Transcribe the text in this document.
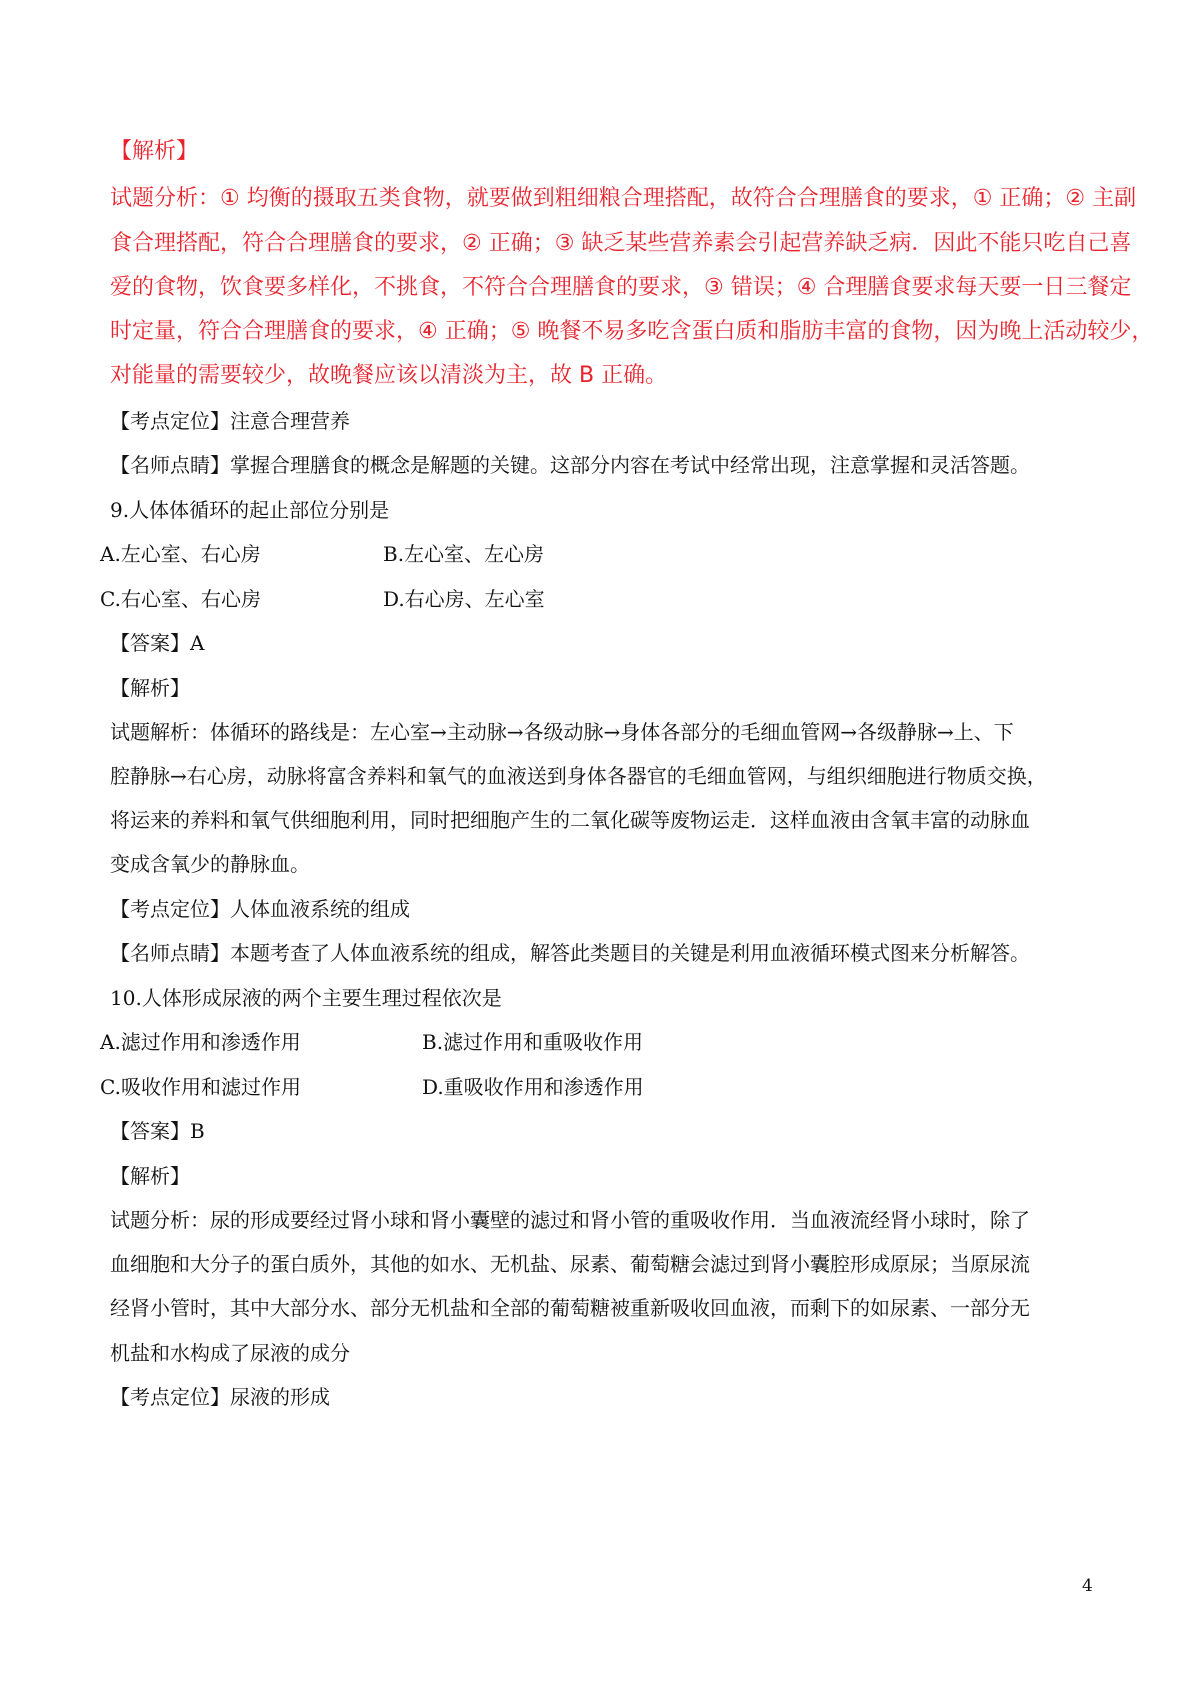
【解析】
试题分析：① 均衡的摄取五类食物，就要做到粗细粮合理搭配，故符合合理膳食的要求，① 正确；② 主副
食合理搭配，符合合理膳食的要求，② 正确；③ 缺乏某些营养素会引起营养缺乏病．因此不能只吃自己喜
爱的食物，饮食要多样化，不挑食，不符合合理膳食的要求，③ 错误；④ 合理膳食要求每天要一日三餐定
时定量，符合合理膳食的要求，④ 正确；⑤ 晚餐不易多吃含蛋白质和脂肪丰富的食物，因为晚上活动较少，
对能量的需要较少，故晚餐应该以清淡为主，故 B 正确。
【考点定位】注意合理营养
【名师点睛】掌握合理膳食的概念是解题的关键。这部分内容在考试中经常出现，注意掌握和灵活答题。
9.人体体循环的起止部位分别是
A.左心室、右心房	B.左心室、左心房
C.右心室、右心房	D.右心房、左心室
【答案】A
【解析】
试题解析：体循环的路线是：左心室→主动脉→各级动脉→身体各部分的毛细血管网→各级静脉→上、下
腔静脉→右心房，动脉将富含养料和氧气的血液送到身体各器官的毛细血管网，与组织细胞进行物质交换，
将运来的养料和氧气供细胞利用，同时把细胞产生的二氧化碳等废物运走．这样血液由含氧丰富的动脉血
变成含氧少的静脉血。
【考点定位】人体血液系统的组成
【名师点睛】本题考查了人体血液系统的组成，解答此类题目的关键是利用血液循环模式图来分析解答。
10.人体形成尿液的两个主要生理过程依次是
A.滤过作用和渗透作用	B.滤过作用和重吸收作用
C.吸收作用和滤过作用	D.重吸收作用和渗透作用
【答案】B
【解析】
试题分析：尿的形成要经过肾小球和肾小囊壁的滤过和肾小管的重吸收作用．当血液流经肾小球时，除了
血细胞和大分子的蛋白质外，其他的如水、无机盐、尿素、葡萄糖会滤过到肾小囊腔形成原尿；当原尿流
经肾小管时，其中大部分水、部分无机盐和全部的葡萄糖被重新吸收回血液，而剩下的如尿素、一部分无
机盐和水构成了尿液的成分
【考点定位】尿液的形成
4
